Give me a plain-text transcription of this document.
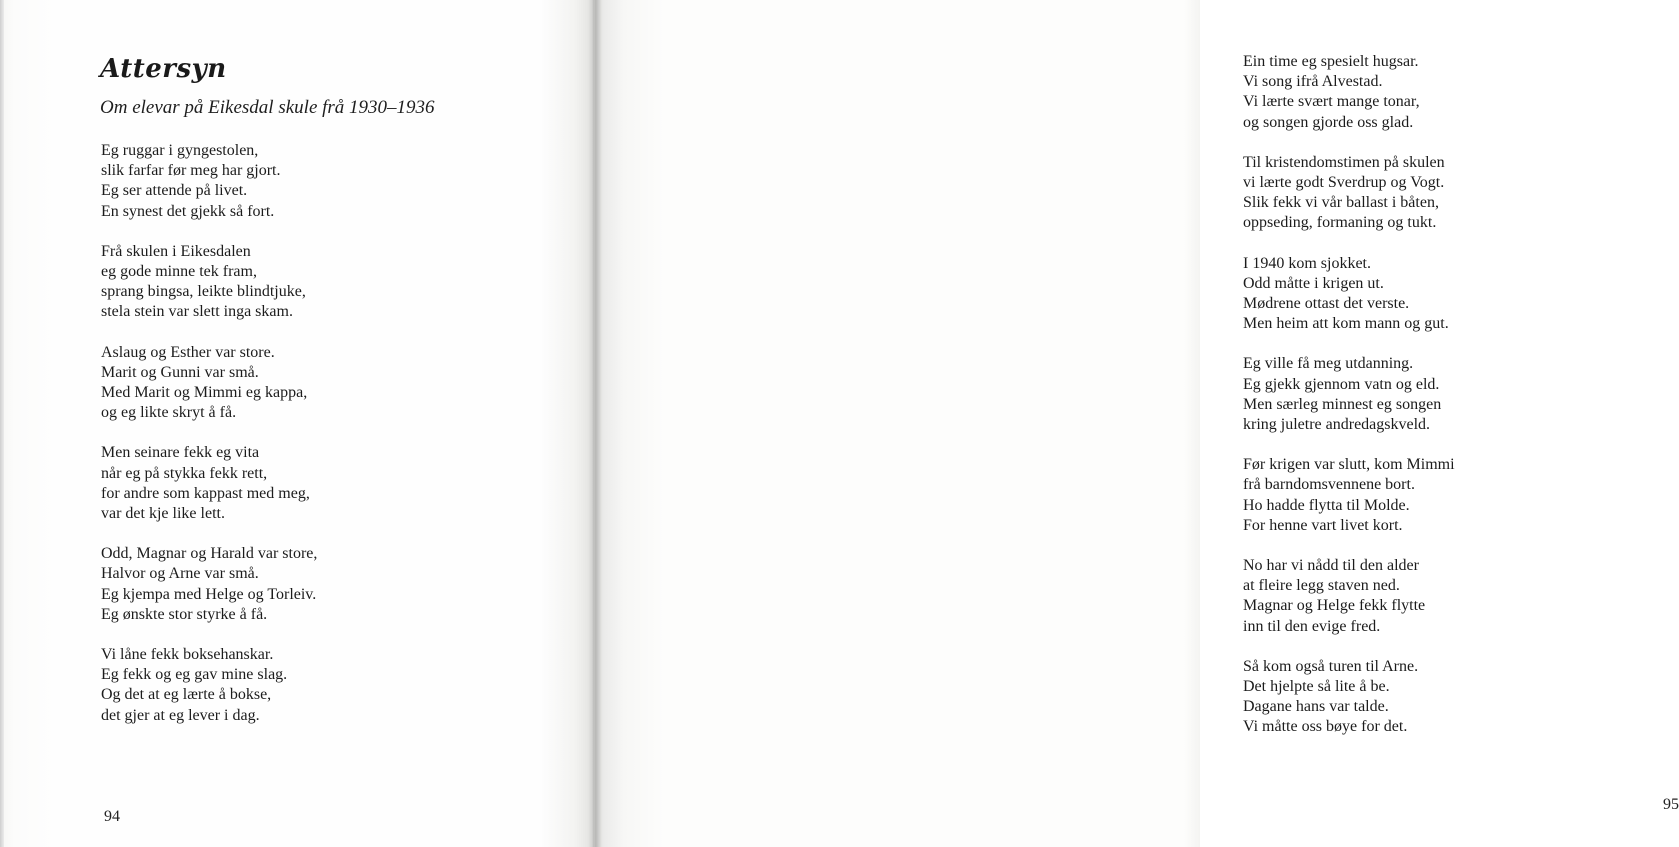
Attersyn

Om elevar på Eikesdal skule frå 1930–1936

Eg ruggar i gyngestolen,
slik farfar før meg har gjort.
Eg ser attende på livet.
En synest det gjekk så fort.
Frå skulen i Eikesdalen
eg gode minne tek fram,
sprang bingsa, leikte blindtjuke,
stela stein var slett inga skam.
Aslaug og Esther var store.
Marit og Gunni var små.
Med Marit og Mimmi eg kappa,
og eg likte skryt å få.
Men seinare fekk eg vita
når eg på stykka fekk rett,
for andre som kappast med meg,
var det kje like lett.
Odd, Magnar og Harald var store,
Halvor og Arne var små.
Eg kjempa med Helge og Torleiv.
Eg ønskte stor styrke å få.
Vi låne fekk boksehanskar.
Eg fekk og eg gav mine slag.
Og det at eg lærte å bokse,
det gjer at eg lever i dag.
94
Ein time eg spesielt hugsar.
Vi song ifrå Alvestad.
Vi lærte svært mange tonar,
og songen gjorde oss glad.
Til kristendomstimen på skulen
vi lærte godt Sverdrup og Vogt.
Slik fekk vi vår ballast i båten,
oppseding, formaning og tukt.
I 1940 kom sjokket.
Odd måtte i krigen ut.
Mødrene ottast det verste.
Men heim att kom mann og gut.
Eg ville få meg utdanning.
Eg gjekk gjennom vatn og eld.
Men særleg minnest eg songen
kring juletre andredagskveld.
Før krigen var slutt, kom Mimmi
frå barndomsvennene bort.
Ho hadde flytta til Molde.
For henne vart livet kort.
No har vi nådd til den alder
at fleire legg staven ned.
Magnar og Helge fekk flytte
inn til den evige fred.
Så kom også turen til Arne.
Det hjelpte så lite å be.
Dagane hans var talde.
Vi måtte oss bøye for det.
95
